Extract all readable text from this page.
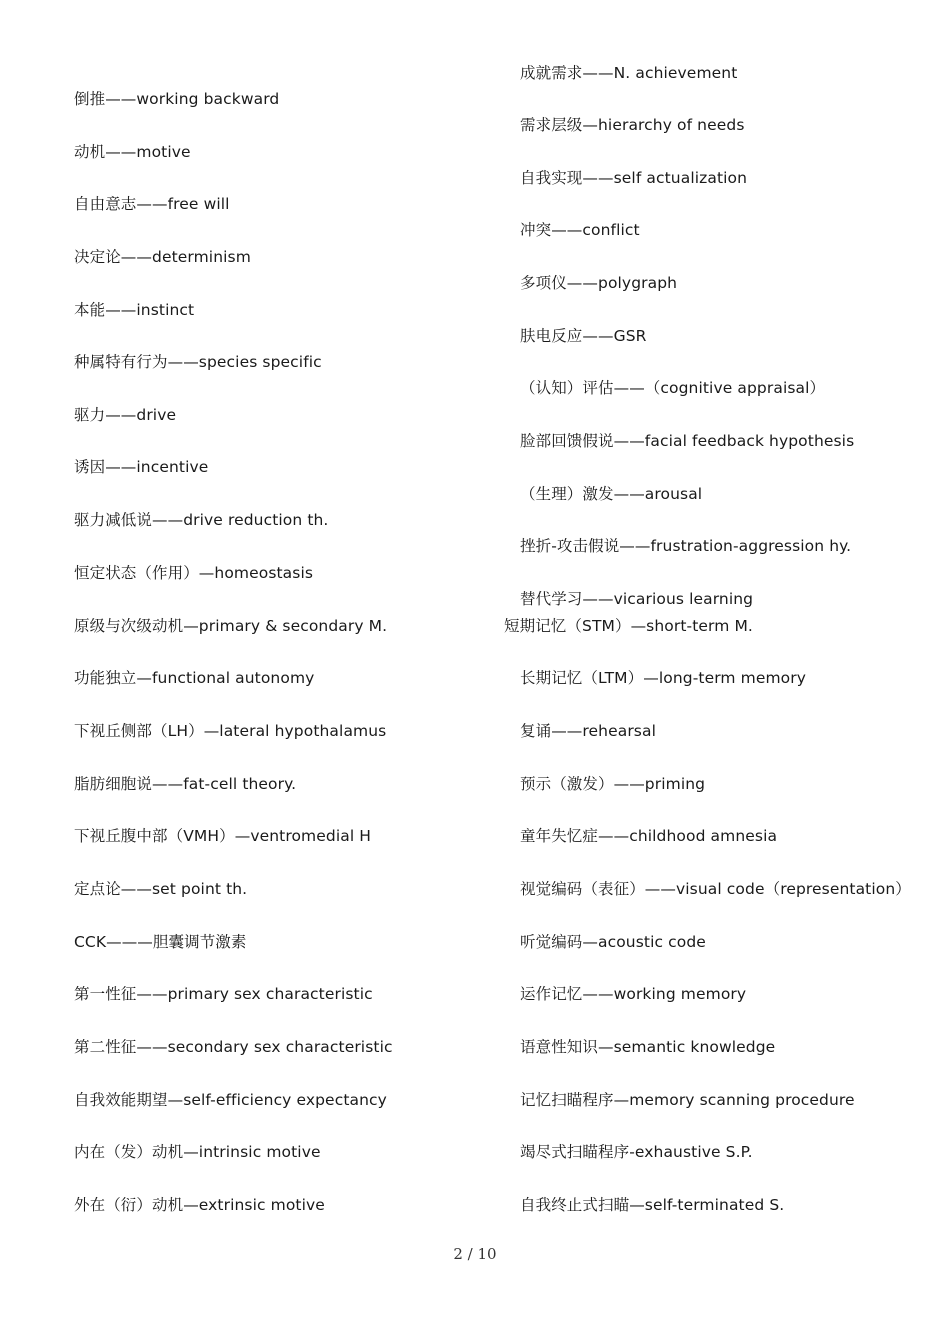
倒推——working backward

动机——motive

自由意志——free will

决定论——determinism

本能——instinct

种属特有行为——species specific

驱力——drive

诱因——incentive

驱力减低说——drive reduction th.

恒定状态（作用）—homeostasis

原级与次级动机—primary & secondary M.

功能独立—functional autonomy

下视丘侧部（LH）—lateral hypothalamus

脂肪细胞说——fat-cell theory.

下视丘腹中部（VMH）—ventromedial H

定点论——set point th.

CCK———胆囊调节激素

第一性征——primary sex characteristic

第二性征——secondary sex characteristic

自我效能期望—self-efficiency expectancy

内在（发）动机—intrinsic motive

外在（衍）动机—extrinsic motive

成就需求——N. achievement

需求层级—hierarchy of needs

自我实现——self actualization

冲突——conflict

多项仪——polygraph

肤电反应——GSR

（认知）评估——（cognitive appraisal）

脸部回馈假说——facial feedback hypothesis

（生理）激发——arousal

挫折-攻击假说——frustration-aggression hy.

替代学习——vicarious learning

短期记忆（STM）—short-term M.

长期记忆（LTM）—long-term memory

复诵——rehearsal

预示（激发）——priming

童年失忆症——childhood amnesia

视觉编码（表征）——visual code（representation）

听觉编码—acoustic code

运作记忆——working memory

语意性知识—semantic knowledge

记忆扫瞄程序—memory scanning procedure

竭尽式扫瞄程序-exhaustive S.P.

自我终止式扫瞄—self-terminated S.

2 / 10
